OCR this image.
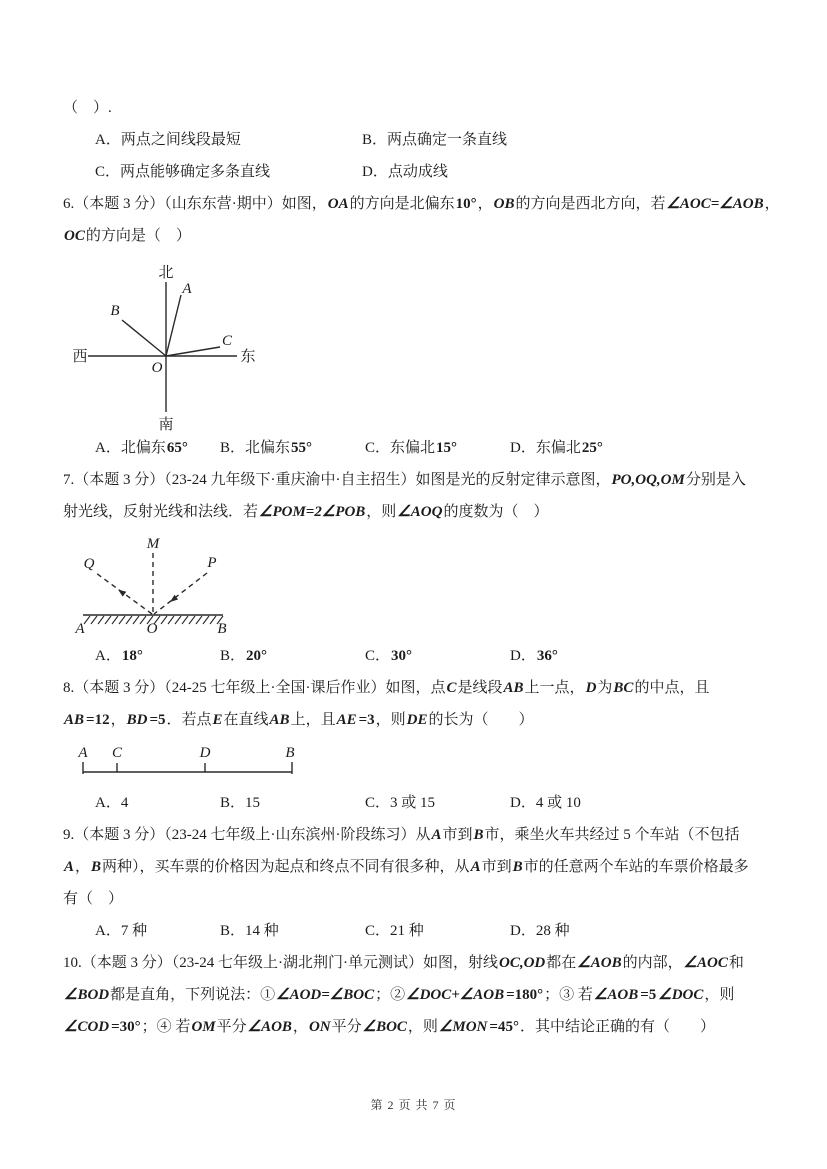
（　）.
A．两点之间线段最短	B．两点确定一条直线
C．两点能够确定多条直线	D．点动成线
6.（本题 3 分）（山东东营·期中）如图，OA的方向是北偏东10°，OB的方向是西北方向，若∠AOC=∠AOB，
OC的方向是（　）
北
南
西	东
A
B
C
O
A．北偏东65° B．北偏东55°	C．东偏北15°	D．东偏北25°
7.（本题 3 分）（23-24 九年级下·重庆渝中·自主招生）如图是光的反射定律示意图，PO,OQ,OM分别是入
射光线，反射光线和法线．若∠POM=2∠POB，则∠AOQ的度数为（　）
M
Q	P
A	O	B
A．18°	B．20°	C．30°	D．36°
8.（本题 3 分）（24-25 七年级上·全国·课后作业）如图，点C是线段AB上一点，D为BC的中点，且
AB =12，BD =5．若点E在直线AB上，且AE =3，则DE的长为（　　）
A C	D	B
A．4	B．15	C．3 或 15	D．4 或 10
9.（本题 3 分）（23-24 七年级上·山东滨州·阶段练习）从A市到B市，乘坐火车共经过 5 个车站（不包括
A，B两种），买车票的价格因为起点和终点不同有很多种，从A市到B市的任意两个车站的车票价格最多
有（　）
A．7 种	B．14 种	C．21 种	D．28 种
10.（本题 3 分）（23-24 七年级上·湖北荆门·单元测试）如图，射线OC,OD都在∠AOB的内部，∠AOC和
∠BOD都是直角，下列说法：①∠AOD=∠BOC；②∠DOC+∠AOB =180°；③ 若∠AOB =5 ∠DOC，则
∠COD =30°；④ 若OM平分∠AOB，ON平分∠BOC，则∠MON =45°．其中结论正确的有（　　）
第 2 页 共 7 页
